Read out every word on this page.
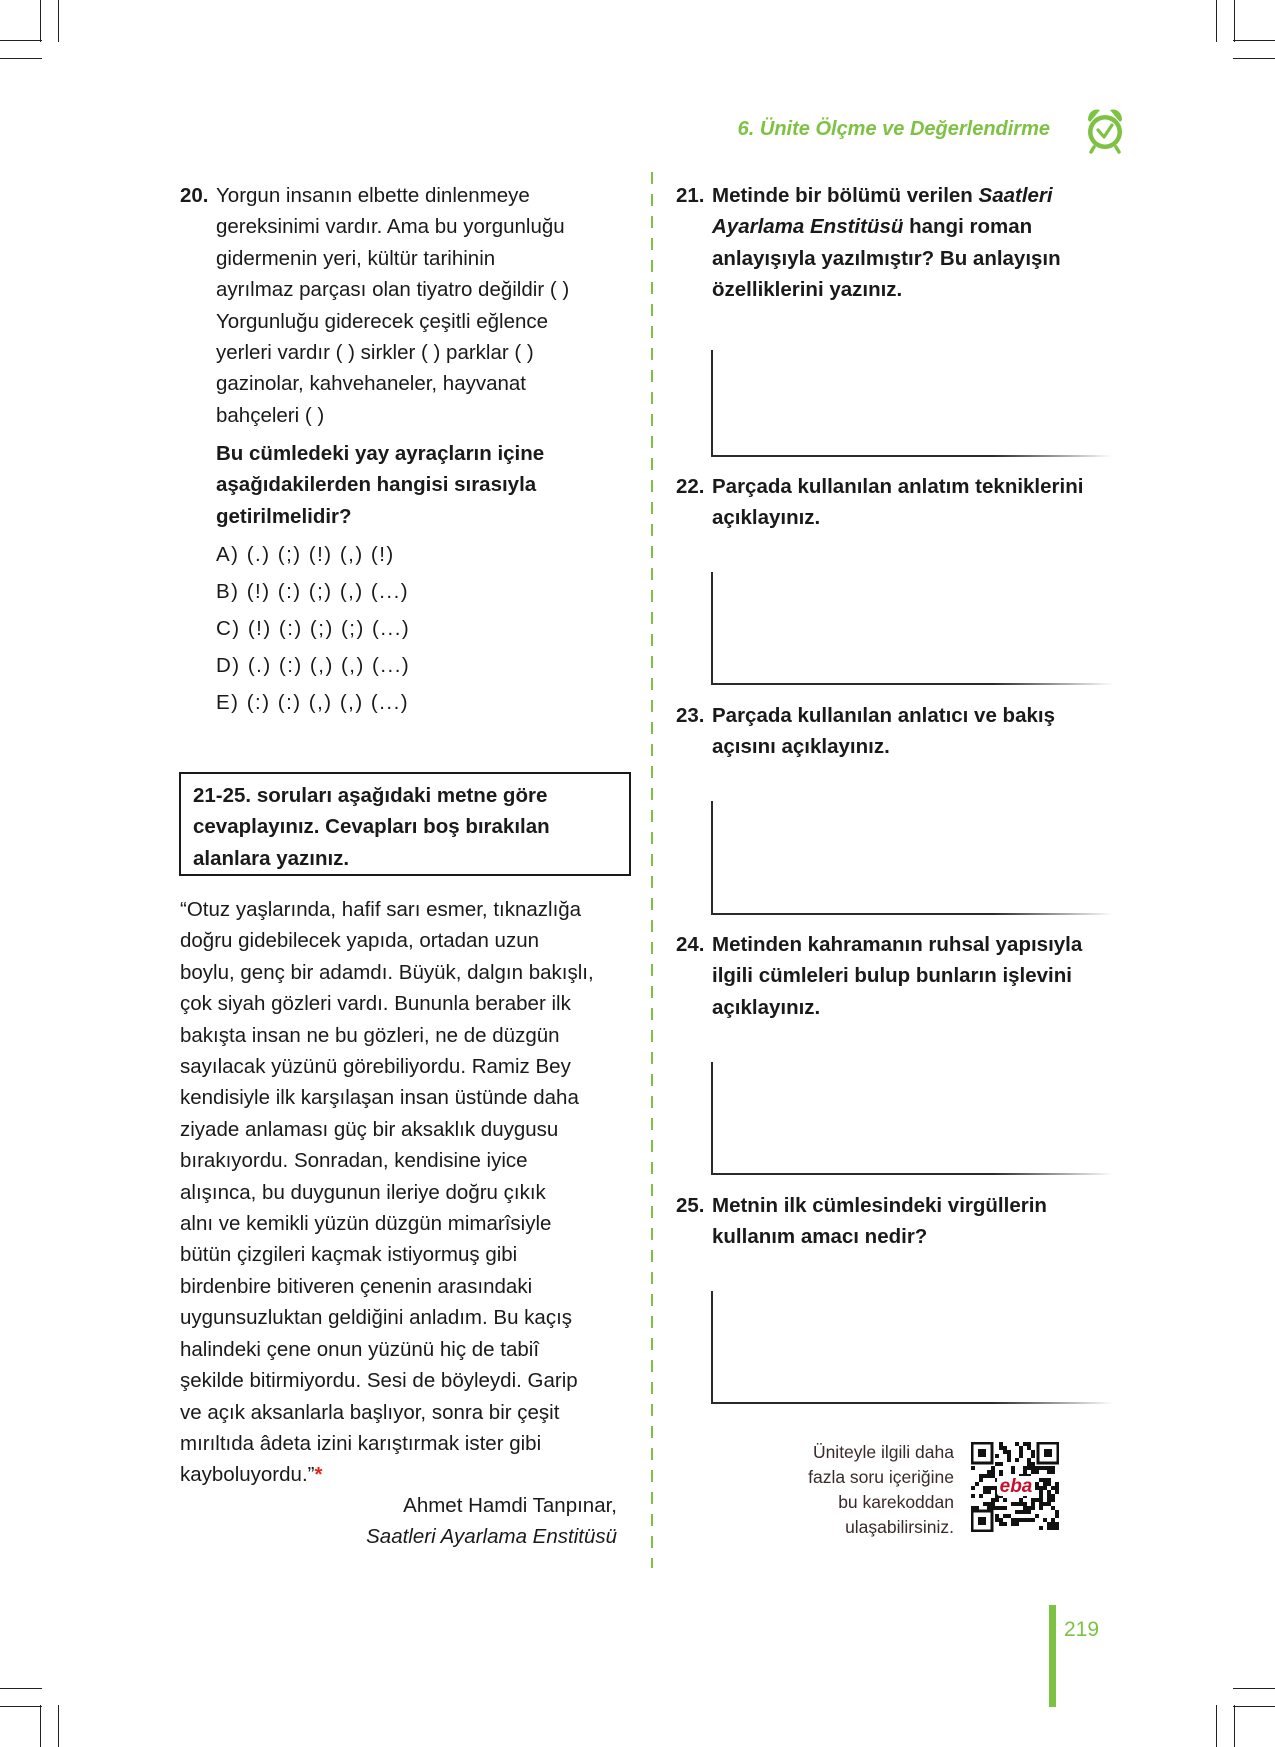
6. Ünite Ölçme ve Değerlendirme
20. Yorgun insanın elbette dinlenmeye
gereksinimi vardır. Ama bu yorgunluğu
gidermenin yeri, kültür tarihinin
ayrılmaz parçası olan tiyatro değildir ( )
Yorgunluğu giderecek çeşitli eğlence
yerleri vardır ( ) sirkler ( ) parklar ( )
gazinolar, kahvehaneler, hayvanat
bahçeleri ( )
Bu cümledeki yay ayraçların içine
aşağıdakilerden hangisi sırasıyla
getirilmelidir?
A) (.) (;) (!) (,) (!)
B) (!) (:) (;) (,) (...)
C) (!) (:) (;) (;) (...)
D) (.) (:) (,) (,) (...)
E) (:) (:) (,) (,) (...)
21-25. soruları aşağıdaki metne göre
cevaplayınız. Cevapları boş bırakılan
alanlara yazınız.
“Otuz yaşlarında, hafif sarı esmer, tıknazlığa
doğru gidebilecek yapıda, ortadan uzun
boylu, genç bir adamdı. Büyük, dalgın bakışlı,
çok siyah gözleri vardı. Bununla beraber ilk
bakışta insan ne bu gözleri, ne de düzgün
sayılacak yüzünü görebiliyordu. Ramiz Bey
kendisiyle ilk karşılaşan insan üstünde daha
ziyade anlaması güç bir aksaklık duygusu
bırakıyordu. Sonradan, kendisine iyice
alışınca, bu duygunun ileriye doğru çıkık
alnı ve kemikli yüzün düzgün mimarîsiyle
bütün çizgileri kaçmak istiyormuş gibi
birdenbire bitiveren çenenin arasındaki
uygunsuzluktan geldiğini anladım. Bu kaçış
halindeki çene onun yüzünü hiç de tabiî
şekilde bitirmiyordu. Sesi de böyleydi. Garip
ve açık aksanlarla başlıyor, sonra bir çeşit
mırıltıda âdeta izini karıştırmak ister gibi
kayboluyordu.”*
Ahmet Hamdi Tanpınar,
Saatleri Ayarlama Enstitüsü
21. Metinde bir bölümü verilen Saatleri
Ayarlama Enstitüsü hangi roman
anlayışıyla yazılmıştır? Bu anlayışın
özelliklerini yazınız.
22. Parçada kullanılan anlatım tekniklerini
açıklayınız.
23. Parçada kullanılan anlatıcı ve bakış
açısını açıklayınız.
24. Metinden kahramanın ruhsal yapısıyla
ilgili cümleleri bulup bunların işlevini
açıklayınız.
25. Metnin ilk cümlesindeki virgüllerin
kullanım amacı nedir?
Üniteyle ilgili daha
fazla soru içeriğine
bu karekoddan
ulaşabilirsiniz.
eba
219
